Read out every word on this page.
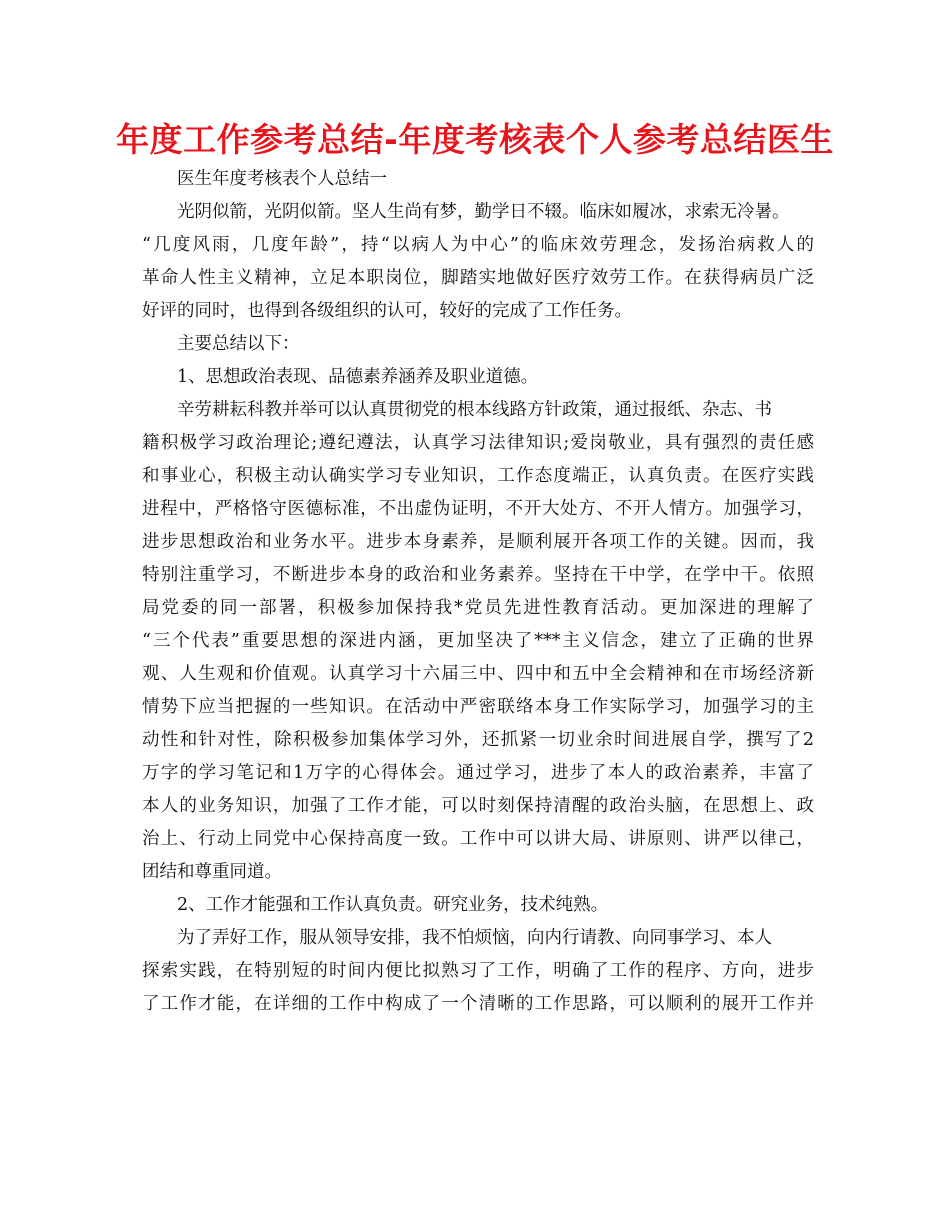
年度工作参考总结-年度考核表个人参考总结医生

医生年度考核表个人总结一

光阴似箭，光阴似箭。坚人生尚有梦，勤学日不辍。临床如履冰，求索无冷暑。
“几度风雨，几度年龄”，持“以病人为中心”的临床效劳理念，发扬治病救人的
革命人性主义精神，立足本职岗位，脚踏实地做好医疗效劳工作。在获得病员广泛
好评的同时，也得到各级组织的认可，较好的完成了工作任务。

主要总结以下：

1、思想政治表现、品德素养涵养及职业道德。

辛劳耕耘科教并举可以认真贯彻党的根本线路方针政策，通过报纸、杂志、书
籍积极学习政治理论;遵纪遵法，认真学习法律知识;爱岗敬业，具有强烈的责任感
和事业心，积极主动认确实学习专业知识，工作态度端正，认真负责。在医疗实践
进程中，严格恪守医德标准，不出虚伪证明，不开大处方、不开人情方。加强学习，
进步思想政治和业务水平。进步本身素养，是顺利展开各项工作的关键。因而，我
特别注重学习，不断进步本身的政治和业务素养。坚持在干中学，在学中干。依照
局党委的同一部署，积极参加保持我*党员先进性教育活动。更加深进的理解了
“三个代表”重要思想的深进内涵，更加坚决了***主义信念，建立了正确的世界
观、人生观和价值观。认真学习十六届三中、四中和五中全会精神和在市场经济新
情势下应当把握的一些知识。在活动中严密联络本身工作实际学习，加强学习的主
动性和针对性，除积极参加集体学习外，还抓紧一切业余时间进展自学，撰写了2
万字的学习笔记和1万字的心得体会。通过学习，进步了本人的政治素养，丰富了
本人的业务知识，加强了工作才能，可以时刻保持清醒的政治头脑，在思想上、政
治上、行动上同党中心保持高度一致。工作中可以讲大局、讲原则、讲严以律己，
团结和尊重同道。

2、工作才能强和工作认真负责。研究业务，技术纯熟。

为了弄好工作，服从领导安排，我不怕烦恼，向内行请教、向同事学习、本人
探索实践，在特别短的时间内便比拟熟习了工作，明确了工作的程序、方向，进步
了工作才能，在详细的工作中构成了一个清晰的工作思路，可以顺利的展开工作并
